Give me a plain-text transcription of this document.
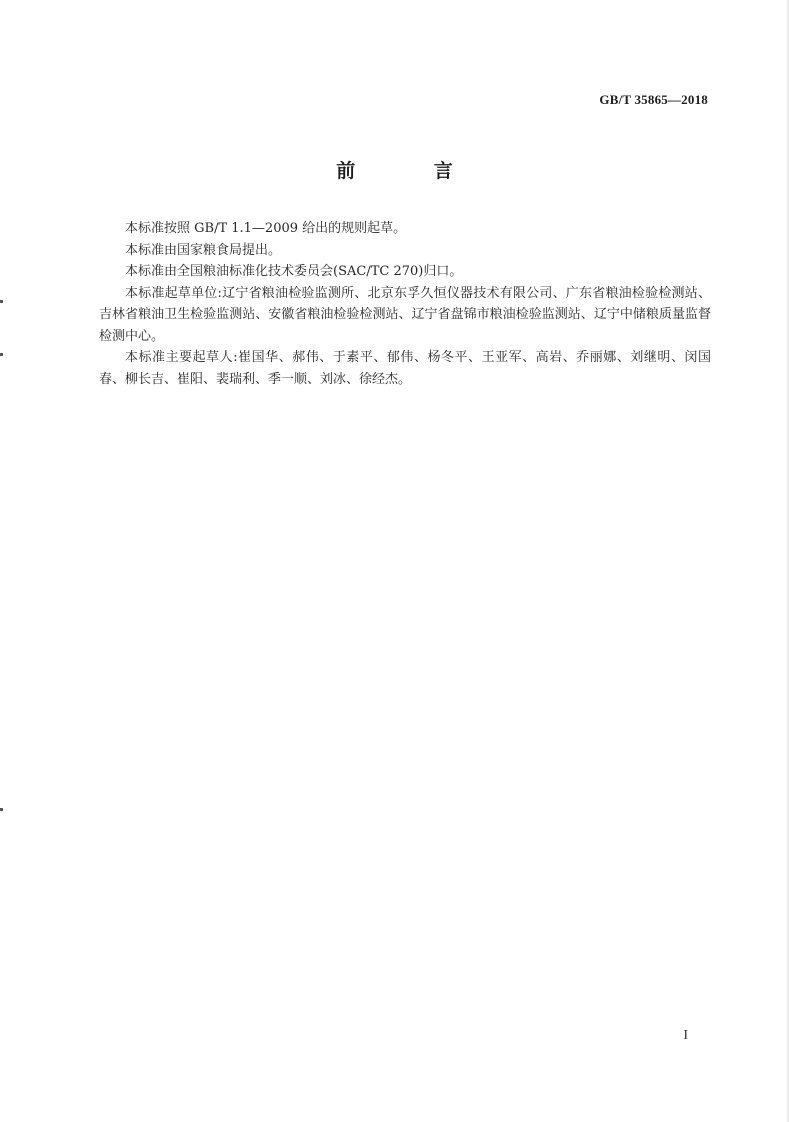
GB/T 35865—2018
前 言

本标准按照 GB/T 1.1—2009 给出的规则起草。

本标准由国家粮食局提出。

本标准由全国粮油标准化技术委员会(SAC/TC 270)归口。

本标准起草单位:辽宁省粮油检验监测所、北京东孚久恒仪器技术有限公司、广东省粮油检验检测站、吉林省粮油卫生检验监测站、安徽省粮油检验检测站、辽宁省盘锦市粮油检验监测站、辽宁中储粮质量监督检测中心。

本标准主要起草人:崔国华、郝伟、于素平、郁伟、杨冬平、王亚军、高岩、乔丽娜、刘继明、闵国春、柳长吉、崔阳、裴瑞利、季一顺、刘冰、徐经杰。

I
